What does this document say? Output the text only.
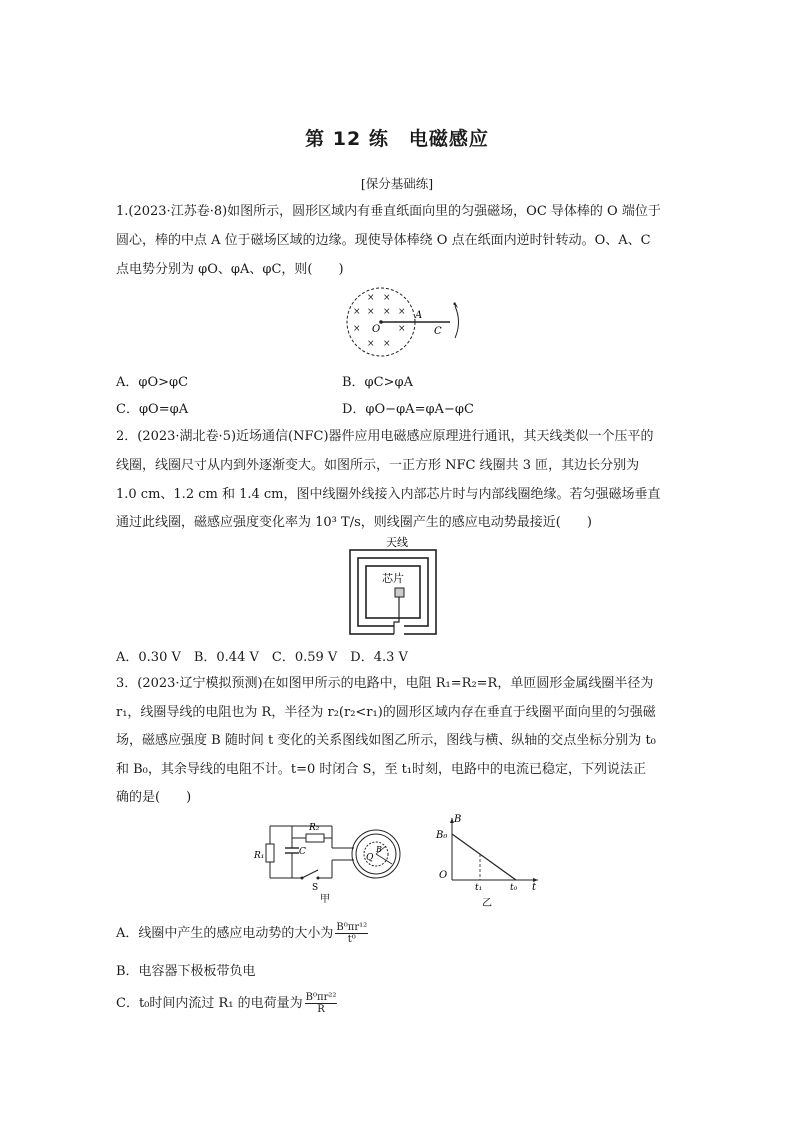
第 12 练　电磁感应
[保分基础练]
1.(2023·江苏卷·8)如图所示，圆形区域内有垂直纸面向里的匀强磁场，OC 导体棒的 O 端位于
圆心，棒的中点 A 位于磁场区域的边缘。现使导体棒绕 O 点在纸面内逆时针转动。O、A、C
点电势分别为 φO、φA、φC，则(　　)
× ×
× × × ×
×	×
× ×
O
A
C
A．φO>φC	B．φC>φA
C．φO=φA	D．φO−φA=φA−φC
2．(2023·湖北卷·5)近场通信(NFC)器件应用电磁感应原理进行通讯，其天线类似一个压平的
线圈，线圈尺寸从内到外逐渐变大。如图所示，一正方形 NFC 线圈共 3 匝，其边长分别为
1.0 cm、1.2 cm 和 1.4 cm，图中线圈外线接入内部芯片时与内部线圈绝缘。若匀强磁场垂直
通过此线圈，磁感应强度变化率为 10³ T/s，则线圈产生的感应电动势最接近(　　)
天线
芯片
A．0.30 V　B．0.44 V　C．0.59 V　D．4.3 V
3．(2023·辽宁模拟预测)在如图甲所示的电路中，电阻 R₁=R₂=R，单匝圆形金属线圈半径为
r₁，线圈导线的电阻也为 R，半径为 r₂(r₂<r₁)的圆形区域内存在垂直于线圈平面向里的匀强磁
场，磁感应强度 B 随时间 t 变化的关系图线如图乙所示，图线与横、纵轴的交点坐标分别为 t₀
和 B₀，其余导线的电阻不计。t=0 时闭合 S，至 t₁时刻，电路中的电流已稳定，下列说法正
确的是(　　)
R₁
R₂
C
S
Q
B
甲
B
B₀
O
t₁	t₀ t
乙
A．线圈中产生的感应电动势的大小为 $\frac{\text{B⁰πr¹²}}{\text{t⁰}}$
B．电容器下极板带负电
C．t₀时间内流过 R₁ 的电荷量为 $\frac{\text{B⁰πr²²}}{R}$
